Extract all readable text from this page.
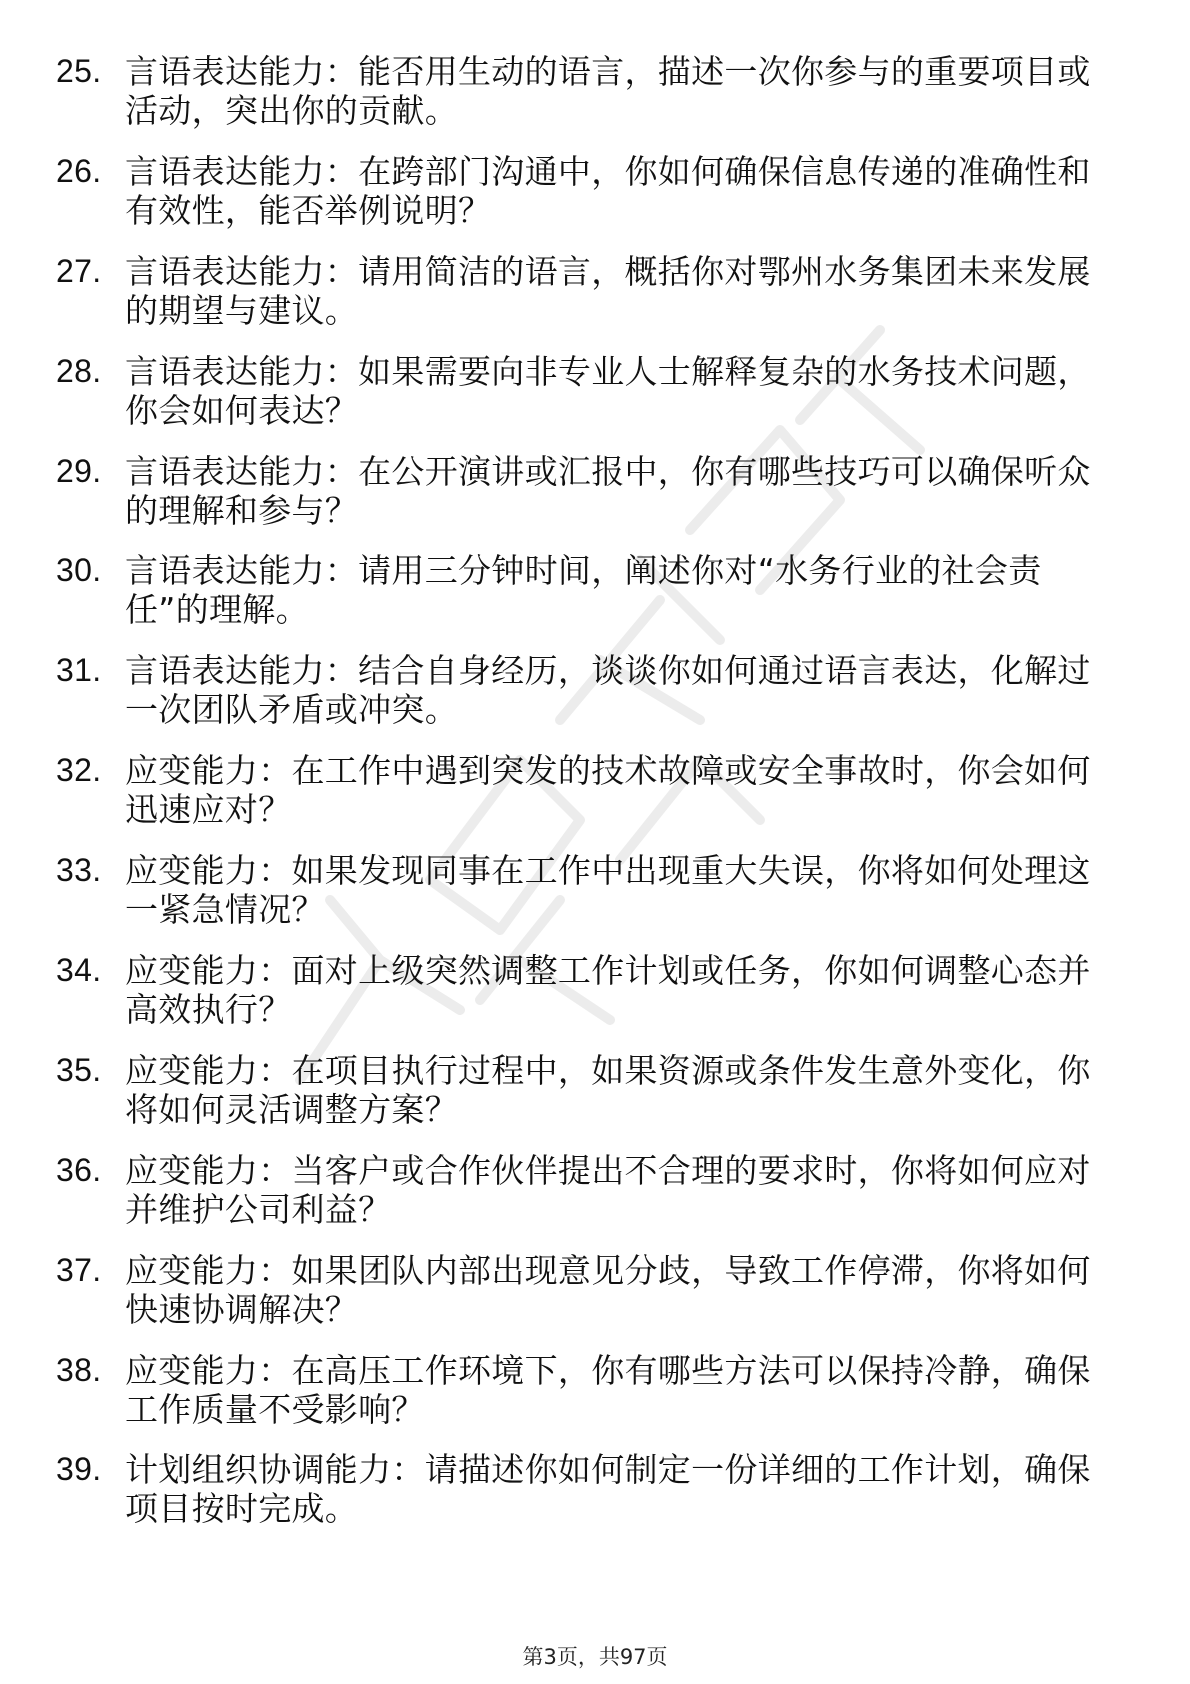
25. 言语表达能力：能否用生动的语言，描述一次你参与的重要项目或活动，突出你的贡献。
26. 言语表达能力：在跨部门沟通中，你如何确保信息传递的准确性和有效性，能否举例说明？
27. 言语表达能力：请用简洁的语言，概括你对鄂州水务集团未来发展的期望与建议。
28. 言语表达能力：如果需要向非专业人士解释复杂的水务技术问题，你会如何表达？
29. 言语表达能力：在公开演讲或汇报中，你有哪些技巧可以确保听众的理解和参与？
30. 言语表达能力：请用三分钟时间，阐述你对“水务行业的社会责任”的理解。
31. 言语表达能力：结合自身经历，谈谈你如何通过语言表达，化解过一次团队矛盾或冲突。
32. 应变能力：在工作中遇到突发的技术故障或安全事故时，你会如何迅速应对？
33. 应变能力：如果发现同事在工作中出现重大失误，你将如何处理这一紧急情况？
34. 应变能力：面对上级突然调整工作计划或任务，你如何调整心态并高效执行？
35. 应变能力：在项目执行过程中，如果资源或条件发生意外变化，你将如何灵活调整方案？
36. 应变能力：当客户或合作伙伴提出不合理的要求时，你将如何应对并维护公司利益？
37. 应变能力：如果团队内部出现意见分歧，导致工作停滞，你将如何快速协调解决？
38. 应变能力：在高压工作环境下，你有哪些方法可以保持冷静，确保工作质量不受影响？
39. 计划组织协调能力：请描述你如何制定一份详细的工作计划，确保项目按时完成。
第3页，共97页
